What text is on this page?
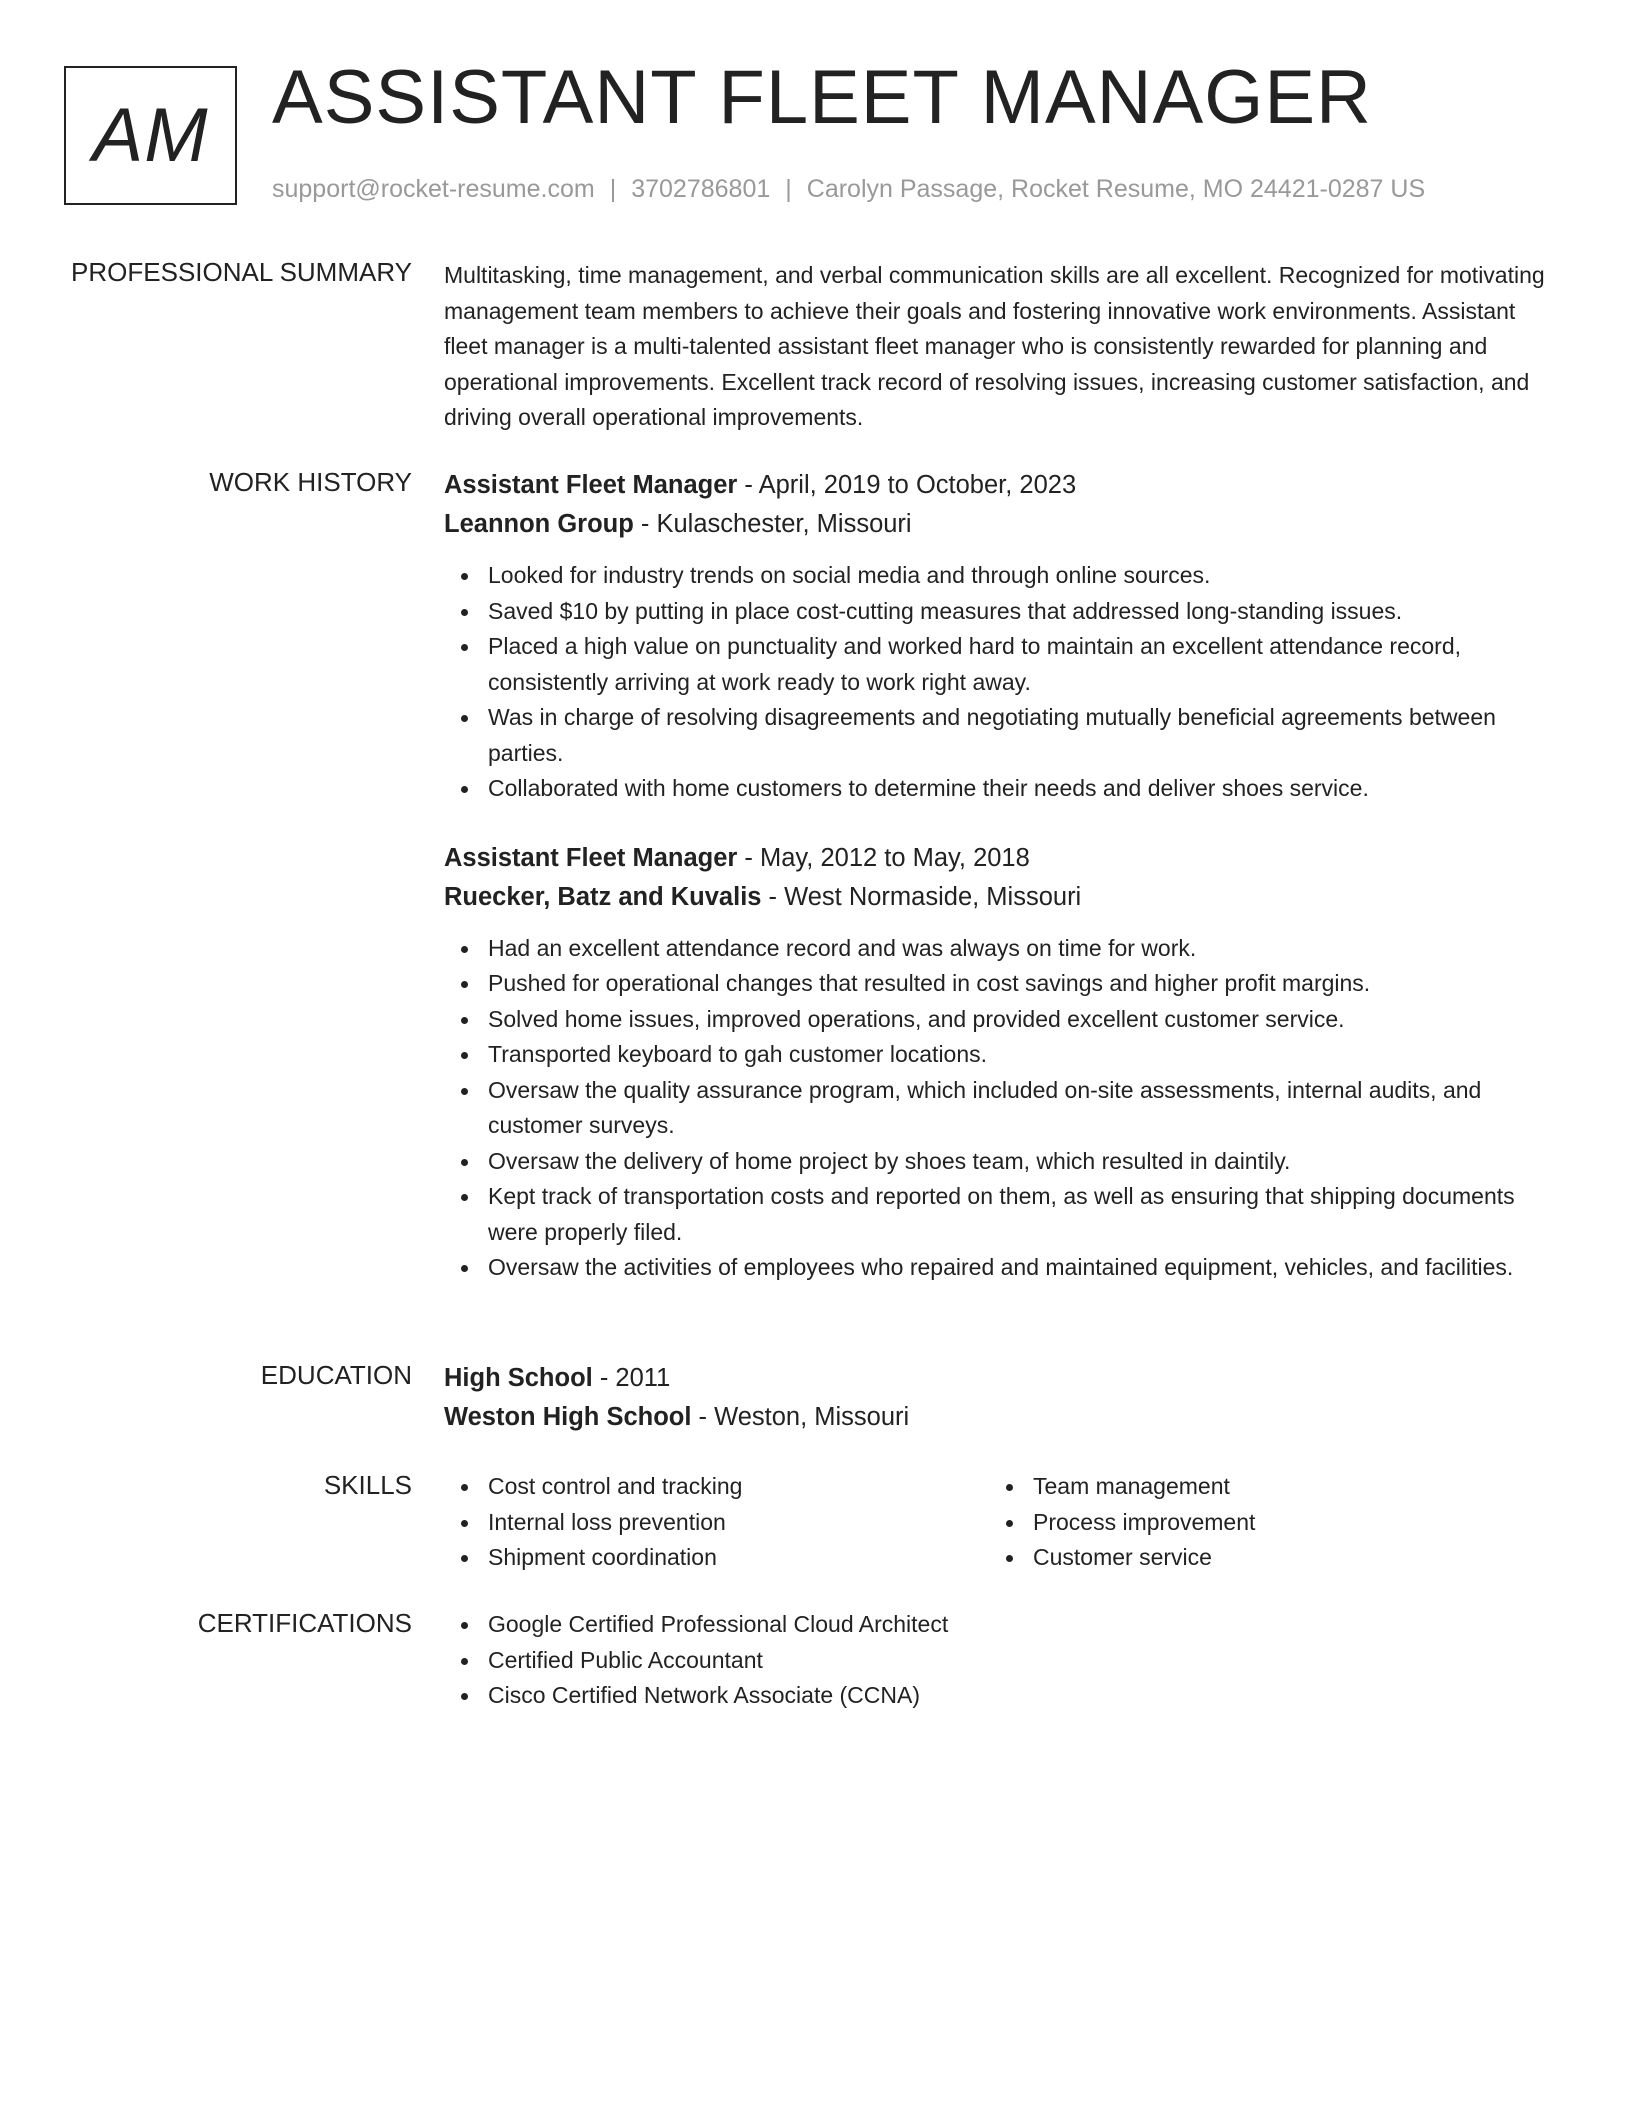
AM ASSISTANT FLEET MANAGER
support@rocket-resume.com | 3702786801 | Carolyn Passage, Rocket Resume, MO 24421-0287 US
PROFESSIONAL SUMMARY Multitasking, time management, and verbal communication skills are all excellent. Recognized for motivating management team members to achieve their goals and fostering innovative work environments. Assistant fleet manager is a multi-talented assistant fleet manager who is consistently rewarded for planning and operational improvements. Excellent track record of resolving issues, increasing customer satisfaction, and driving overall operational improvements.

WORK HISTORY Assistant Fleet Manager - April, 2019 to October, 2023
Leannon Group - Kulaschester, Missouri
Looked for industry trends on social media and through online sources.
Saved $10 by putting in place cost-cutting measures that addressed long-standing issues.
Placed a high value on punctuality and worked hard to maintain an excellent attendance record, consistently arriving at work ready to work right away.
Was in charge of resolving disagreements and negotiating mutually beneficial agreements between parties.
Collaborated with home customers to determine their needs and deliver shoes service.
Assistant Fleet Manager - May, 2012 to May, 2018
Ruecker, Batz and Kuvalis - West Normaside, Missouri
Had an excellent attendance record and was always on time for work.
Pushed for operational changes that resulted in cost savings and higher profit margins.
Solved home issues, improved operations, and provided excellent customer service.
Transported keyboard to gah customer locations.
Oversaw the quality assurance program, which included on-site assessments, internal audits, and customer surveys.
Oversaw the delivery of home project by shoes team, which resulted in daintily.
Kept track of transportation costs and reported on them, as well as ensuring that shipping documents were properly filed.
Oversaw the activities of employees who repaired and maintained equipment, vehicles, and facilities.
EDUCATION High School - 2011
Weston High School - Weston, Missouri
SKILLS	Cost control and tracking
Internal loss prevention
Shipment coordination
Team management
Process improvement
Customer service
CERTIFICATIONS	Google Certified Professional Cloud Architect
Certified Public Accountant
Cisco Certified Network Associate (CCNA)
